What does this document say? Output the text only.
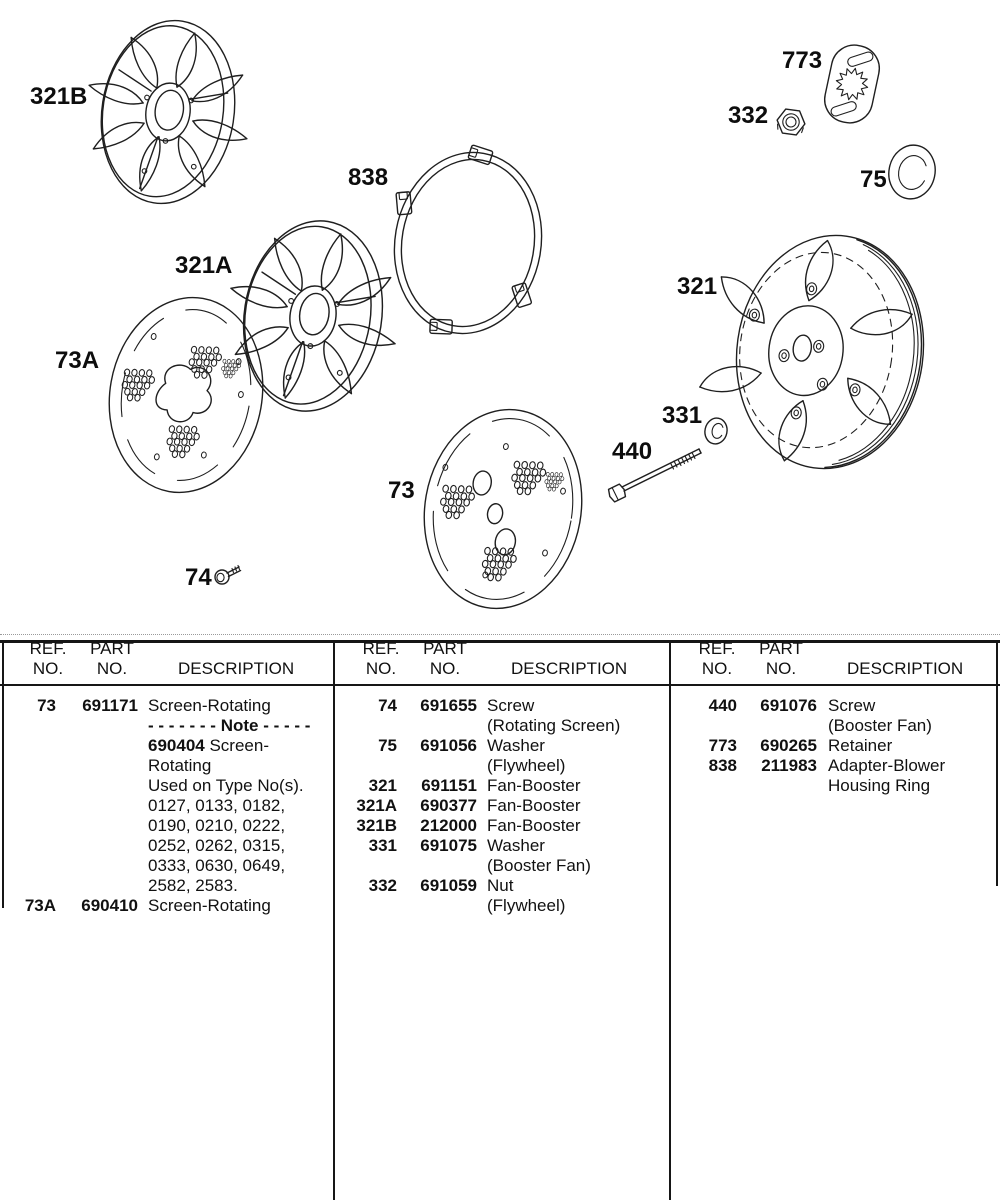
321B
321A
838
73A
73
74
773
332
75
321
331
440
REF.
NO.
PART
NO.	DESCRIPTION
73	691171 Screen-Rotating
- - - - - - - Note - - - - -
690404 Screen-
Rotating
Used on Type No(s).
0127, 0133, 0182,
0190, 0210, 0222,
0252, 0262, 0315,
0333, 0630, 0649,
2582, 2583.
73A	690410 Screen-Rotating
REF.
NO.
PART
NO.	DESCRIPTION
74	691655 Screw
(Rotating Screen)
75	691056 Washer
(Flywheel)
321	691151 Fan-Booster
321A	690377 Fan-Booster
321B	212000 Fan-Booster
331	691075 Washer
(Booster Fan)
332	691059 Nut
(Flywheel)
REF.
NO.
PART
NO.	DESCRIPTION
440	691076 Screw
(Booster Fan)
773	690265 Retainer
838	211983 Adapter-Blower
Housing Ring
